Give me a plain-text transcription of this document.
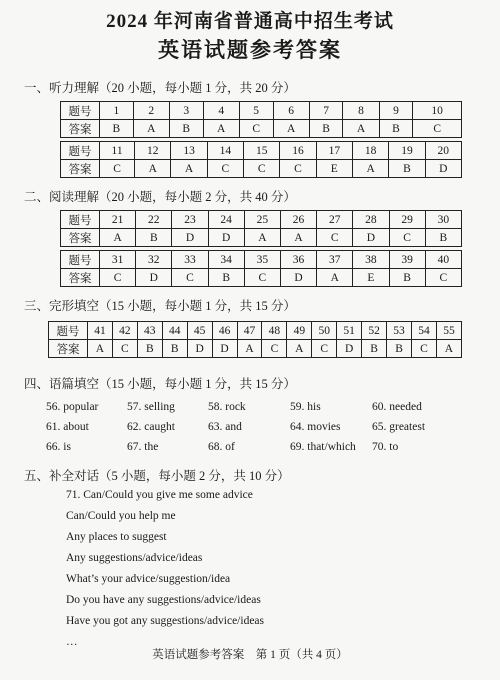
2024 年河南省普通高中招生考试
英语试题参考答案
一、听力理解（20 小题，每小题 1 分，共 20 分）
题号	1	2	3	4	5	6	7	8	9	10
答案	B	A	B	A	C	A	B	A	B	C
题号	11	12	13	14	15	16	17	18	19	20
答案	C	A	A	C	C	C	E	A	B	D
二、阅读理解（20 小题，每小题 2 分，共 40 分）
题号	21	22	23	24	25	26	27	28	29	30
答案	A	B	D	D	A	A	C	D	C	B
题号	31	32	33	34	35	36	37	38	39	40
答案	C	D	C	B	C	D	A	E	B	C
三、完形填空（15 小题，每小题 1 分，共 15 分）
题号	41	42	43	44	45	46	47	48	49	50	51	52	53	54	55
答案	A	C	B	B	D	D	A	C	A	C	D	B	B	C	A
四、语篇填空（15 小题，每小题 1 分，共 15 分）
56. popular 57. selling	58. rock	59. his	60. needed
61. about	62. caught	63. and	64. movies	65. greatest
66. is	67. the	68. of	69. that/which 70. to
五、补全对话（5 小题，每小题 2 分，共 10 分）
71. Can/Could you give me some advice
Can/Could you help me
Any places to suggest
Any suggestions/advice/ideas
What’s your advice/suggestion/idea
Do you have any suggestions/advice/ideas
Have you got any suggestions/advice/ideas
…
英语试题参考答案　第 1 页（共 4 页）
